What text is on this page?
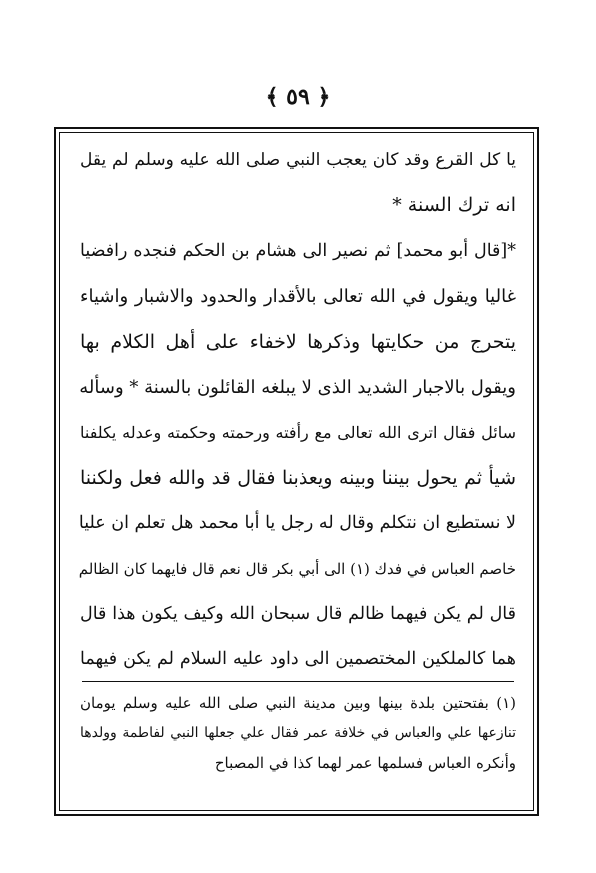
﴿ ٥٩ ﴾
يا كل القرع وقد كان يعجب النبي صلى الله عليه وسلم لم يقل
انه ترك السنة *
*[قال أبو محمد] ثم نصير الى هشام بن الحكم فنجده رافضيا
غاليا ويقول في الله تعالى بالأقدار والحدود والاشبار واشياء
يتحرج من حكايتها وذكرها لاخفاء على أهل الكلام بها
ويقول بالاجبار الشديد الذى لا يبلغه القائلون بالسنة * وسأله
سائل فقال اترى الله تعالى مع رأفته ورحمته وحكمته وعدله يكلفنا
شيأ ثم يحول بيننا وبينه ويعذبنا فقال قد والله فعل ولكننا
لا نستطيع ان نتكلم وقال له رجل يا أبا محمد هل تعلم ان عليا
خاصم العباس في فدك (١) الى أبي بكر قال نعم قال فايهما كان الظالم
قال لم يكن فيهما ظالم قال سبحان الله وكيف يكون هذا قال
هما كالملكين المختصمين الى داود عليه السلام لم يكن فيهما
(١) بفتحتين بلدة بينها وبين مدينة النبي صلى الله عليه وسلم يومان
تنازعها علي والعباس في خلافة عمر فقال علي جعلها النبي لفاطمة وولدها
وأنكره العباس فسلمها عمر لهما كذا في المصباح
